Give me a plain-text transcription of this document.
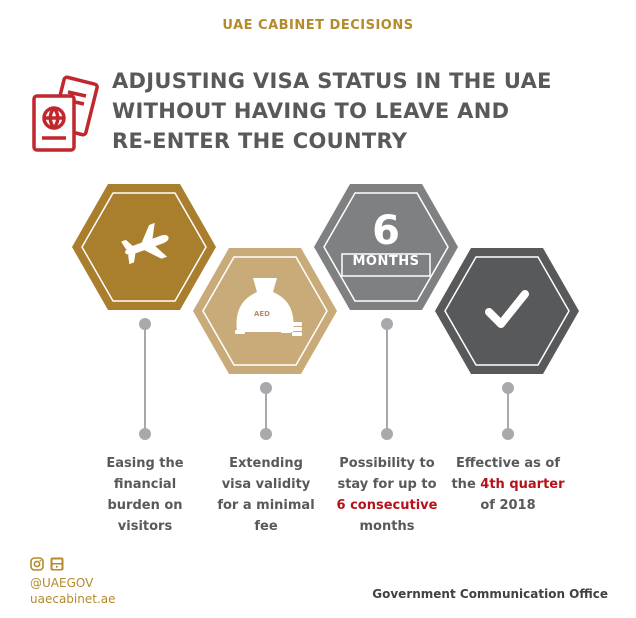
UAE CABINET DECISIONS
ADJUSTING VISA STATUS IN THE UAE
WITHOUT HAVING TO LEAVE AND
RE-ENTER THE COUNTRY
AED
6
MONTHS
Easing the
financial
burden on
visitors
Extending
visa validity
for a minimal
fee
Possibility to
stay for up to
6 consecutive
months
Effective as of
the 4th quarter
of 2018
@UAEGOV
uaecabinet.ae	Government Communication Office
